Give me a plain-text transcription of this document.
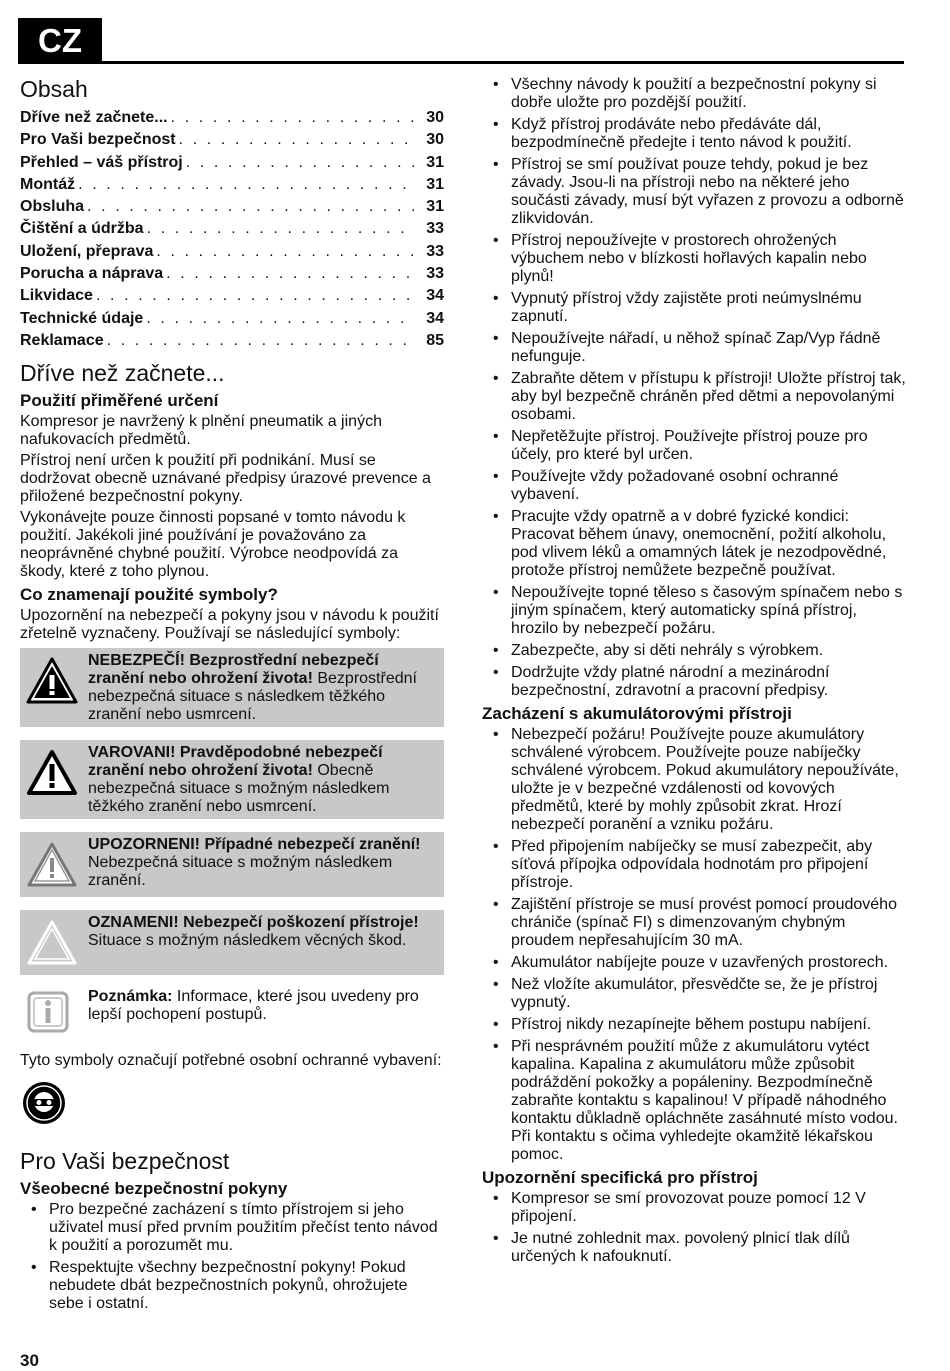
CZ
Obsah
Dříve než začnete... . . .	30
Pro Vaši bezpečnost . . .	30
Přehled – váš přístroj . . .	31
Montáž . . .	31
Obsluha . . .	31
Čištění a údržba . . .	33
Uložení, přeprava . . .	33
Porucha a náprava . . .	33
Likvidace . . .	34
Technické údaje . . .	34
Reklamace . . .	85
Dříve než začnete...
Použití přiměřené určení

Kompresor je navržený k plnění pneumatik a jiných nafukovacích předmětů.

Přístroj není určen k použití při podnikání. Musí se dodržovat obecně uznávané předpisy úrazové prevence a přiložené bezpečnostní pokyny.

Vykonávejte pouze činnosti popsané v tomto návodu k použití. Jakékoli jiné používání je považováno za neoprávněné chybné použití. Výrobce neodpovídá za škody, které z toho plynou.

Co znamenají použité symboly?

Upozornění na nebezpečí a pokyny jsou v návodu k použití zřetelně vyznačeny. Používají se následující symboly:

NEBEZPEČÍ! Bezprostřední nebezpečí zranění nebo ohrožení života! Bezprostřední nebezpečná situace s následkem těžkého zranění nebo usmrcení.
VAROVANI! Pravděpodobné nebezpečí zranění nebo ohrožení života! Obecně nebezpečná situace s možným následkem těžkého zranění nebo usmrcení.
UPOZORNENI! Případné nebezpečí zranění! Nebezpečná situace s možným následkem zranění.
OZNAMENI! Nebezpečí poškození přístroje! Situace s možným následkem věcných škod.
Poznámka: Informace, které jsou uvedeny pro lepší pochopení postupů.

Tyto symboly označují potřebné osobní ochranné vybavení:

Pro Vaši bezpečnost
Všeobecné bezpečnostní pokyny
• Pro bezpečné zacházení s tímto přístrojem si jeho uživatel musí před prvním použitím přečíst tento návod k použití a porozumět mu.
• Respektujte všechny bezpečnostní pokyny! Pokud nebudete dbát bezpečnostních pokynů, ohrožujete sebe i ostatní.
• Všechny návody k použití a bezpečnostní pokyny si dobře uložte pro pozdější použití.
• Když přístroj prodáváte nebo předáváte dál, bezpodmínečně předejte i tento návod k použití.
• Přístroj se smí používat pouze tehdy, pokud je bez závady. Jsou-li na přístroji nebo na některé jeho součásti závady, musí být vyřazen z provozu a odborně zlikvidován.
• Přístroj nepoužívejte v prostorech ohrožených výbuchem nebo v blízkosti hořlavých kapalin nebo plynů!
• Vypnutý přístroj vždy zajistěte proti neúmyslnému zapnutí.
• Nepoužívejte nářadí, u něhož spínač Zap/Vyp řádně nefunguje.
• Zabraňte dětem v přístupu k přístroji! Uložte přístroj tak, aby byl bezpečně chráněn před dětmi a nepovolanými osobami.
• Nepřetěžujte přístroj. Používejte přístroj pouze pro účely, pro které byl určen.
• Používejte vždy požadované osobní ochranné vybavení.
• Pracujte vždy opatrně a v dobré fyzické kondici: Pracovat během únavy, onemocnění, požití alkoholu, pod vlivem léků a omamných látek je nezodpovědné, protože přístroj nemůžete bezpečně používat.
• Nepoužívejte topné těleso s časovým spínačem nebo s jiným spínačem, který automaticky spíná přístroj, hrozilo by nebezpečí požáru.
• Zabezpečte, aby si děti nehrály s výrobkem.
• Dodržujte vždy platné národní a mezinárodní bezpečnostní, zdravotní a pracovní předpisy.
Zacházení s akumulátorovými přístroji
• Nebezpečí požáru! Používejte pouze akumulátory schválené výrobcem. Používejte pouze nabíječky schválené výrobcem. Pokud akumulátory nepoužíváte, uložte je v bezpečné vzdálenosti od kovových předmětů, které by mohly způsobit zkrat. Hrozí nebezpečí poranění a vzniku požáru.
• Před připojením nabíječky se musí zabezpečit, aby síťová přípojka odpovídala hodnotám pro připojení přístroje.
• Zajištění přístroje se musí provést pomocí proudového chrániče (spínač FI) s dimenzovaným chybným proudem nepřesahujícím 30 mA.
• Akumulátor nabíjejte pouze v uzavřených prostorech.
• Než vložíte akumulátor, přesvědčte se, že je přístroj vypnutý.
• Přístroj nikdy nezapínejte během postupu nabíjení.
• Při nesprávném použití může z akumulátoru vytéct kapalina. Kapalina z akumulátoru může způsobit podráždění pokožky a popáleniny. Bezpodmínečně zabraňte kontaktu s kapalinou! V případě náhodného kontaktu důkladně opláchněte zasáhnuté místo vodou. Při kontaktu s očima vyhledejte okamžitě lékařskou pomoc.
Upozornění specifická pro přístroj
• Kompresor se smí provozovat pouze pomocí 12 V připojení.
• Je nutné zohlednit max. povolený plnicí tlak dílů určených k nafouknutí.
30
